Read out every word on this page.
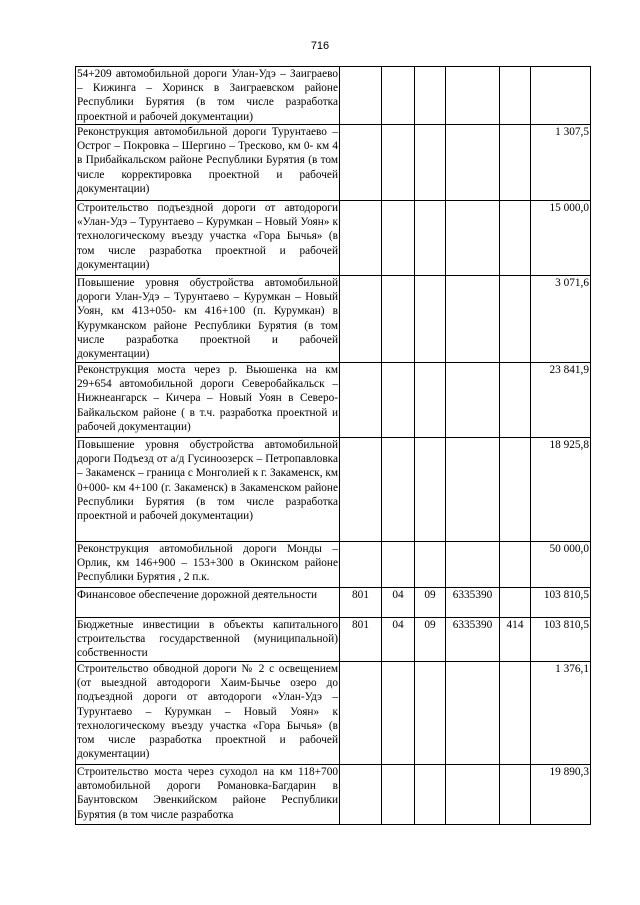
716
54+209 автомобильной дороги Улан-Удэ – Заиграево – Кижинга – Хоринск в Заиграевском районе Республики Бурятия (в том числе разработка проектной и рабочей документации)						
Реконструкция автомобильной дороги Турунтаево – Острог – Покровка – Шергино – Тресково, км 0- км 4 в Прибайкальском районе Республики Бурятия (в том числе корректировка проектной и рабочей документации)						1 307,5
Строительство подъездной дороги от автодороги «Улан-Удэ – Турунтаево – Курумкан – Новый Уоян» к технологическому въезду участка «Гора Бычья» (в том числе разработка проектной и рабочей документации)						15 000,0
Повышение уровня обустройства автомобильной дороги Улан-Удэ – Турунтаево – Курумкан – Новый Уоян, км 413+050- км 416+100 (п. Курумкан) в Курумканском районе Республики Бурятия (в том числе разработка проектной и рабочей документации)						3 071,6
Реконструкция моста через р. Вьюшенка на км 29+654 автомобильной дороги Северобайкальск – Нижнеангарск – Кичера – Новый Уоян в Северо-Байкальском районе ( в т.ч. разработка проектной и рабочей документации)						23 841,9
Повышение уровня обустройства автомобильной дороги Подъезд от а/д Гусиноозерск – Петропавловка – Закаменск – граница с Монголией к г. Закаменск, км 0+000- км 4+100 (г. Закаменск) в Закаменском районе Республики Бурятия (в том числе разработка проектной и рабочей документации)						18 925,8
Реконструкция автомобильной дороги Монды – Орлик, км 146+900 – 153+300 в Окинском районе Республики Бурятия , 2 п.к.						50 000,0
Финансовое обеспечение дорожной деятельности	801	04	09	6335390		103 810,5
Бюджетные инвестиции в объекты капитального строительства государственной (муниципальной) собственности	801	04	09	6335390	414	103 810,5
Строительство обводной дороги № 2 с освещением (от выездной автодороги Хаим-Бычье озеро до подъездной дороги от автодороги «Улан-Удэ – Турунтаево – Курумкан – Новый Уоян» к технологическому въезду участка «Гора Бычья» (в том числе разработка проектной и рабочей документации)						1 376,1
Строительство моста через суходол на км 118+700 автомобильной дороги Романовка-Багдарин в Баунтовском Эвенкийском районе Республики Бурятия (в том числе разработка						19 890,3
